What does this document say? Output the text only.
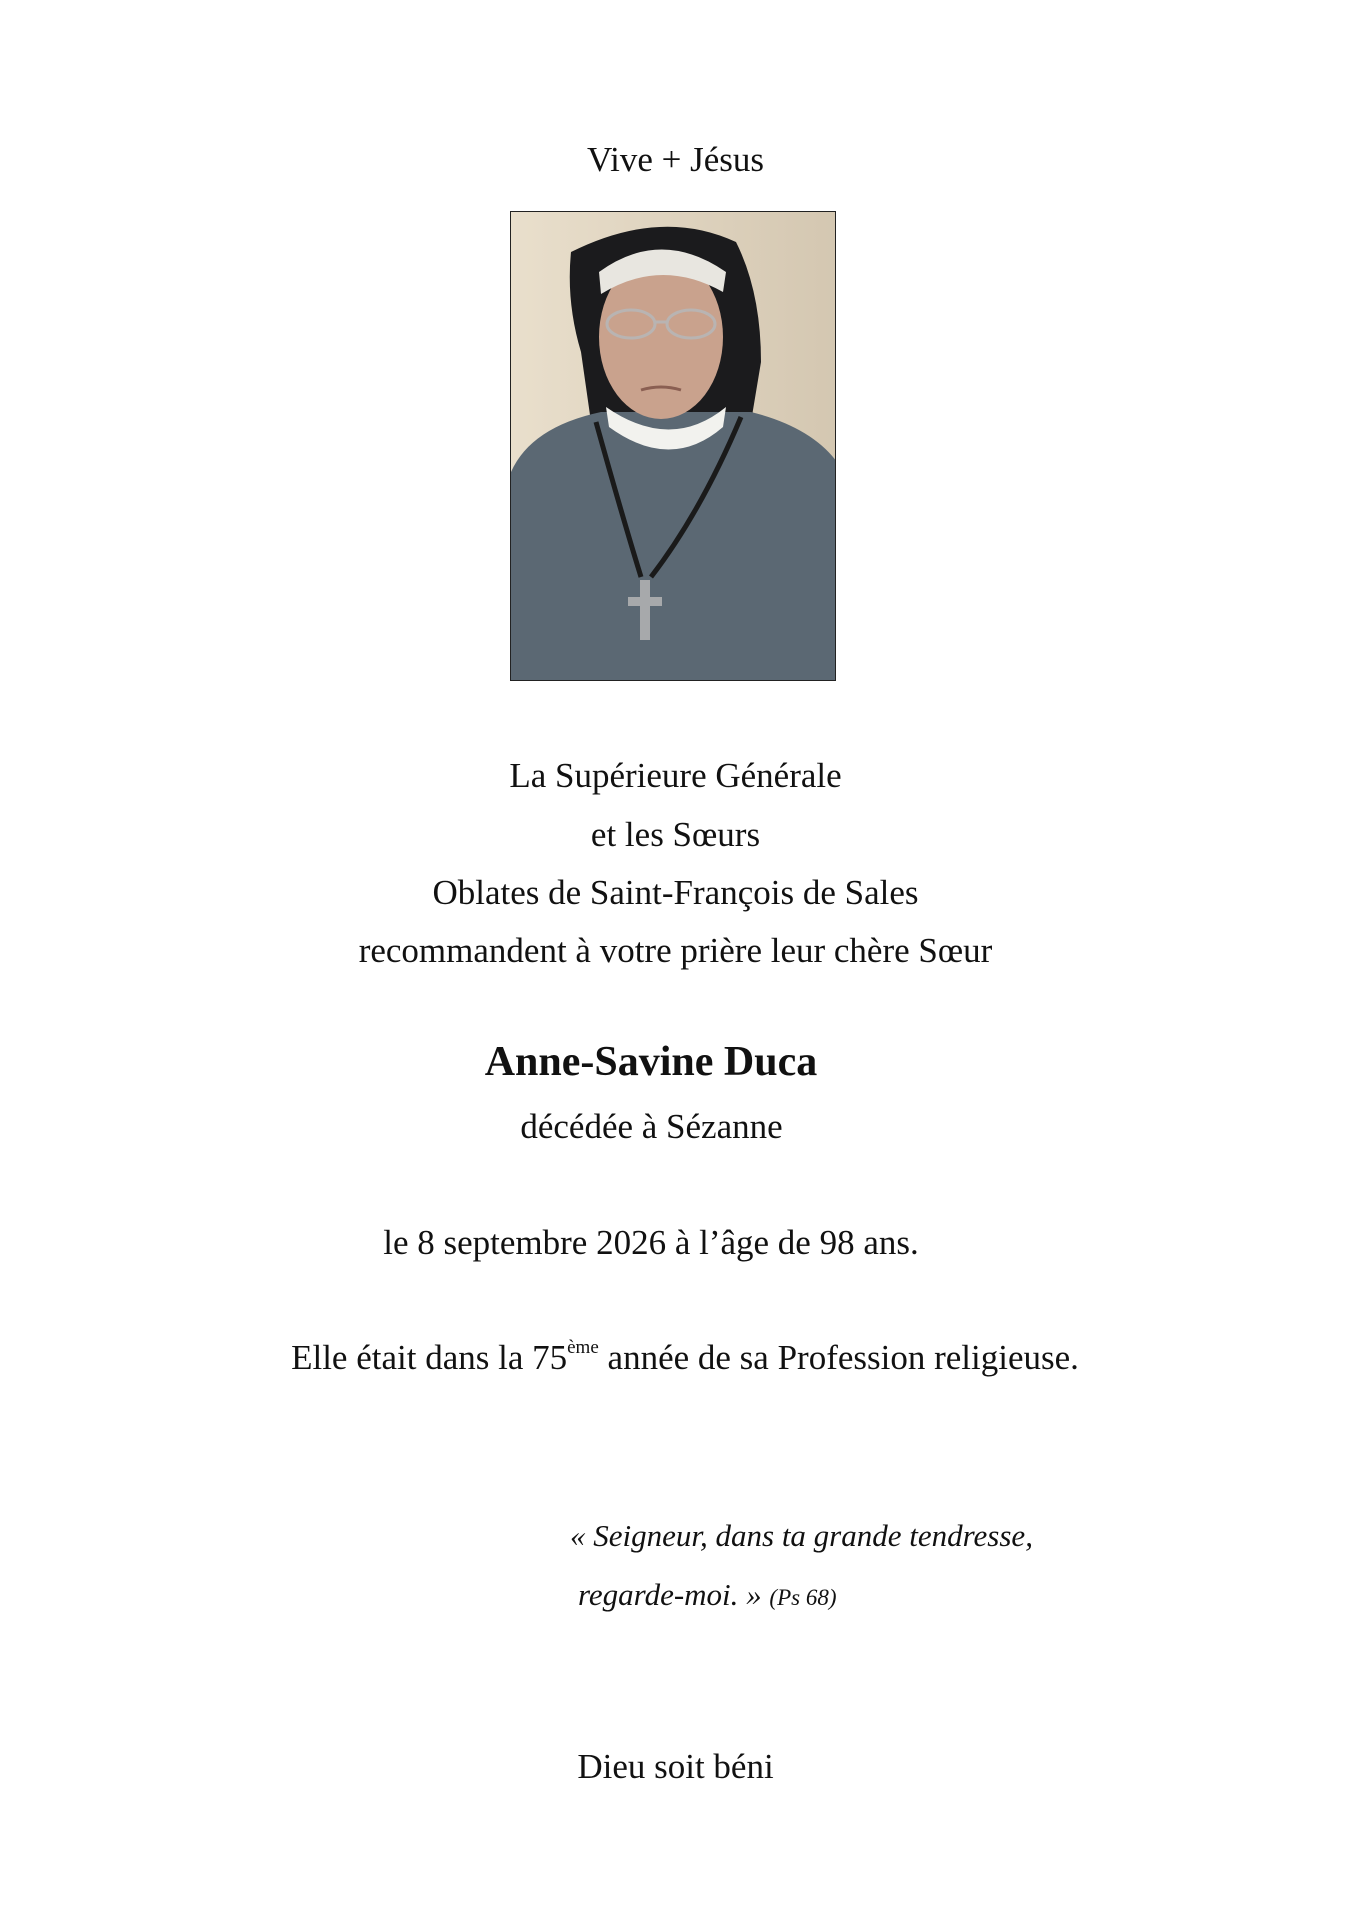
Vive + Jésus
La Supérieure Générale
et les Sœurs
Oblates de Saint-François de Sales
recommandent à votre prière leur chère Sœur
Anne-Savine Duca
décédée à Sézanne
le 8 septembre 2026 à l’âge de 98 ans.
Elle était dans la 75ème année de sa Profession religieuse.
« Seigneur, dans ta grande tendresse,
regarde-moi. » (Ps 68)
Dieu soit béni
